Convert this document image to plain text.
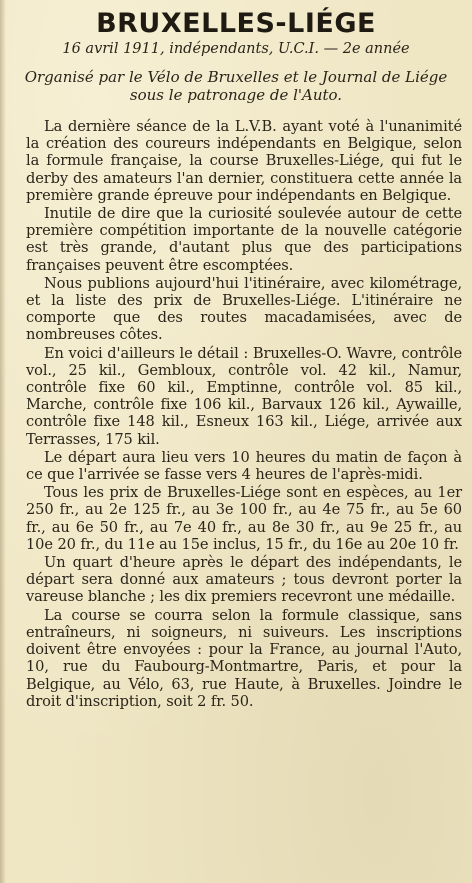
BRUXELLES-LIÉGE

16 avril 1911, indépendants, U.C.I. — 2e année

Organisé par le Vélo de Bruxelles et le Journal de Liége sous le patronage de l'Auto.

La dernière séance de la L.V.B. ayant voté à l'unanimité la création des coureurs indépendants en Belgique, selon la formule française, la course Bruxelles-Liége, qui fut le derby des amateurs l'an dernier, constituera cette année la première grande épreuve pour indépendants en Belgique.

Inutile de dire que la curiosité soulevée autour de cette première compétition importante de la nouvelle catégorie est très grande, d'autant plus que des participations françaises peuvent être escomptées.

Nous publions aujourd'hui l'itinéraire, avec kilométrage, et la liste des prix de Bruxelles-Liége. L'itinéraire ne comporte que des routes macadamisées, avec de nombreuses côtes.

En voici d'ailleurs le détail : Bruxelles-O. Wavre, contrôle vol., 25 kil., Gembloux, contrôle vol. 42 kil., Namur, contrôle fixe 60 kil., Emptinne, contrôle vol. 85 kil., Marche, contrôle fixe 106 kil., Barvaux 126 kil., Aywaille, contrôle fixe 148 kil., Esneux 163 kil., Liége, arrivée aux Terrasses, 175 kil.

Le départ aura lieu vers 10 heures du matin de façon à ce que l'arrivée se fasse vers 4 heures de l'après-midi.

Tous les prix de Bruxelles-Liége sont en espèces, au 1er 250 fr., au 2e 125 fr., au 3e 100 fr., au 4e 75 fr., au 5e 60 fr., au 6e 50 fr., au 7e 40 fr., au 8e 30 fr., au 9e 25 fr., au 10e 20 fr., du 11e au 15e inclus, 15 fr., du 16e au 20e 10 fr.

Un quart d'heure après le départ des indépendants, le départ sera donné aux amateurs ; tous devront porter la vareuse blanche ; les dix premiers recevront une médaille.

La course se courra selon la formule classique, sans entraîneurs, ni soigneurs, ni suiveurs. Les inscriptions doivent être envoyées : pour la France, au journal l'Auto, 10, rue du Faubourg-Montmartre, Paris, et pour la Belgique, au Vélo, 63, rue Haute, à Bruxelles. Joindre le droit d'inscription, soit 2 fr. 50.
